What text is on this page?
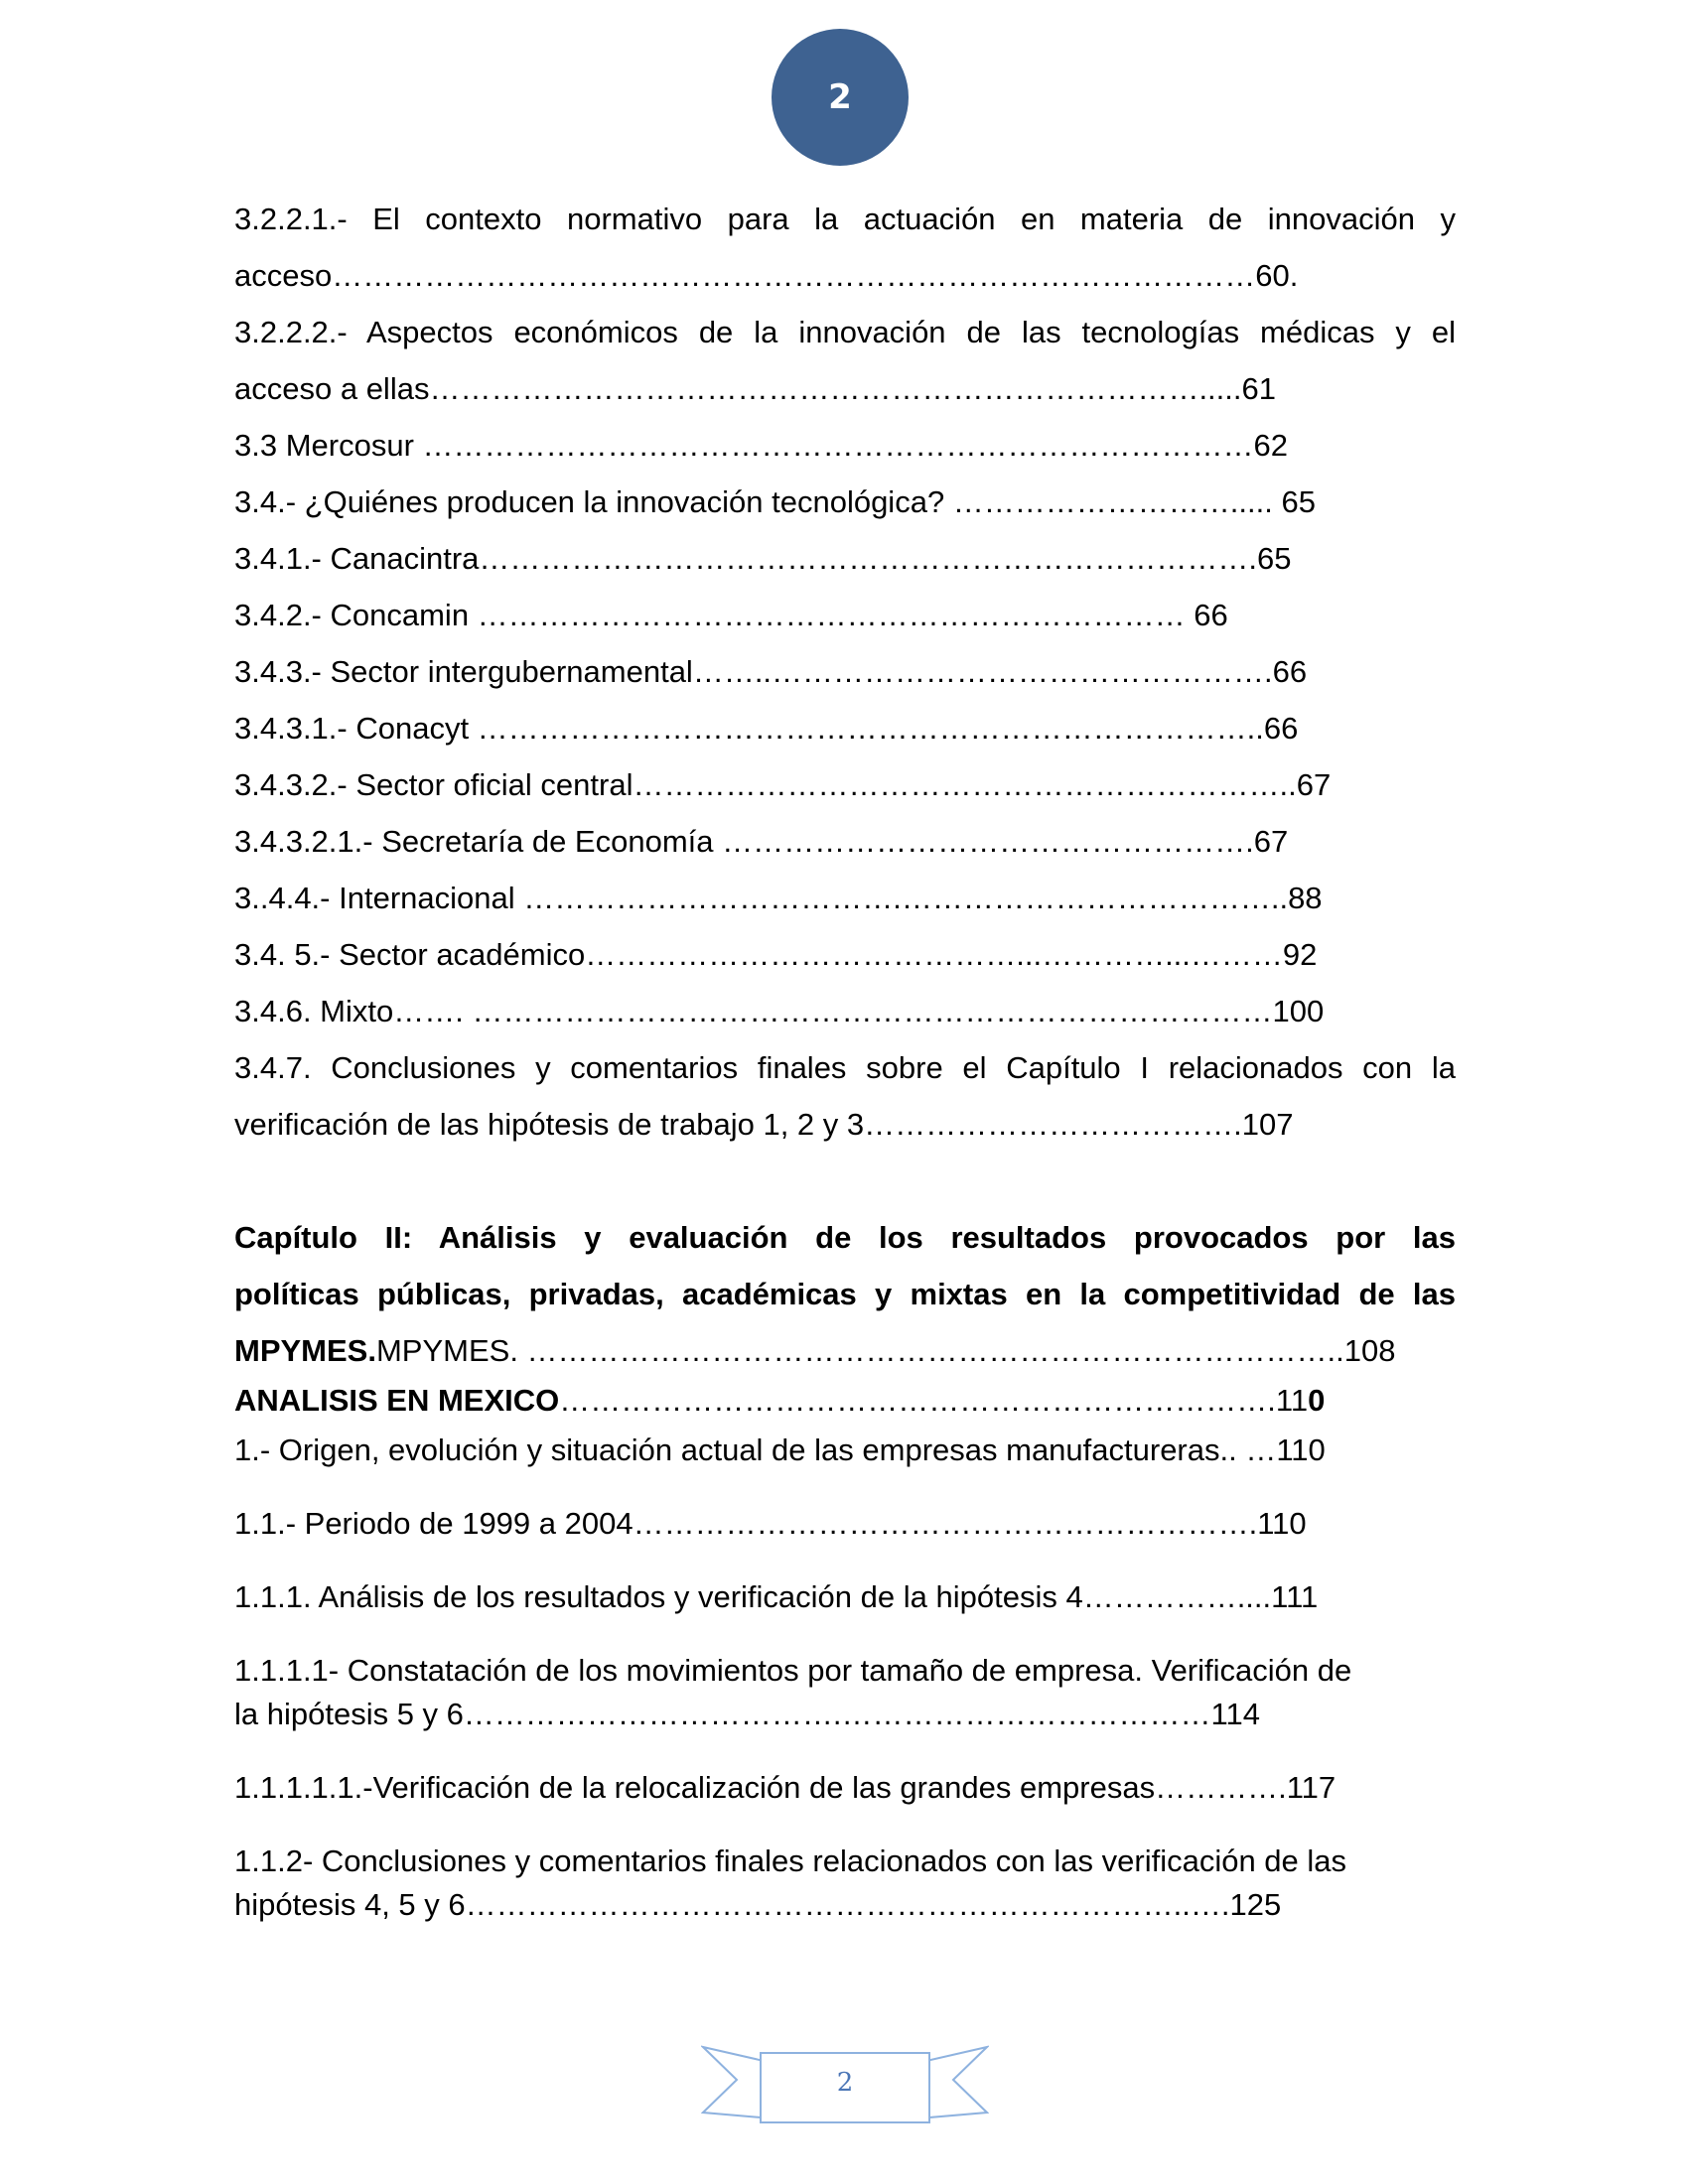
2
3.2.2.1.- El contexto normativo para la actuación en materia de innovación y
acceso………………………………………………………………………………60.
3.2.2.2.- Aspectos económicos de la innovación de las tecnologías médicas y el
acceso a ellas………………………………………………………………….....61
3.3 Mercosur ………………………………………………………………………62
3.4.- ¿Quiénes producen la innovación tecnológica? ………………………..... 65
3.4.1.- Canacintra………………………………………………………………….65
3.4.2.- Concamin …………………………………………………………… 66
3.4.3.- Sector intergubernamental……..………………………………………….66
3.4.3.1.- Conacyt …………………………………………………………………..66
3.4.3.2.- Sector oficial central………………………………………………………..67
3.4.3.2.1.- Secretaría de Economía …………………………………………….67
3..4.4.- Internacional ……………………………….………………………………..88
3.4. 5.- Sector académico……………………………………...…………...………92
3.4.6. Mixto……. ……………………………………………………………………100
3.4.7. Conclusiones y comentarios finales sobre el Capítulo I relacionados con la
verificación de las hipótesis de trabajo 1, 2 y 3……………………………….107
Capítulo II: Análisis y evaluación de los resultados provocados por las
políticas públicas, privadas, académicas y mixtas en la competitividad de las
MPYMES.MPYMES. ……………………………………………………………………..108
ANALISIS EN MEXICO…………………………………………………………….110
1.- Origen, evolución y situación actual de las empresas manufactureras.. …110
1.1.- Periodo de 1999 a 2004…………………………………………………….110
1.1.1. Análisis de los resultados y verificación de la hipótesis 4……………....111
1.1.1.1- Constatación de los movimientos por tamaño de empresa. Verificación de
la hipótesis 5 y 6……………………………….………………………………114
1.1.1.1.1.-Verificación de la relocalización de las grandes empresas………….117
1.1.2- Conclusiones y comentarios finales relacionados con las verificación de las
hipótesis 4, 5 y 6……………………………………………………………..….125
2
